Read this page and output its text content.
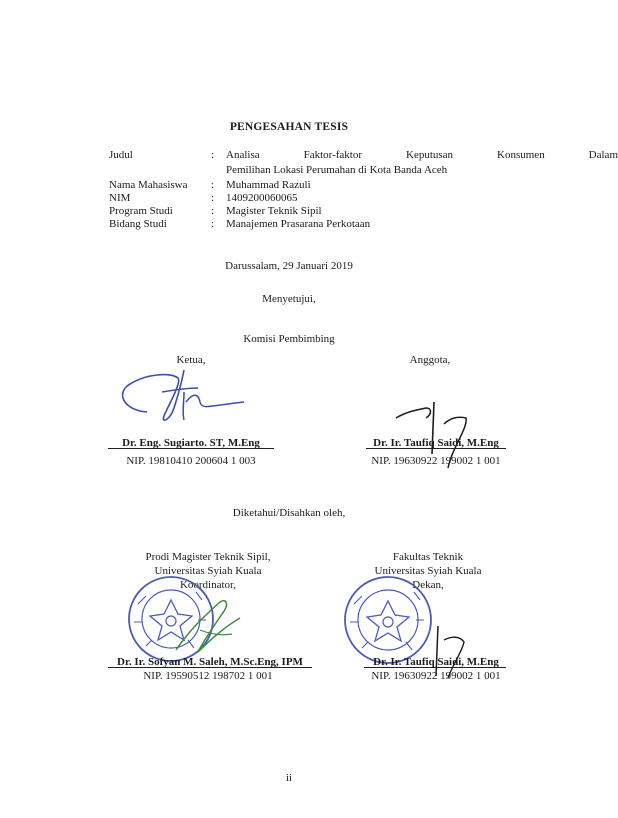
PENGESAHAN TESIS
Judul	: Analisa Faktor-faktor Keputusan Konsumen Dalam
Pemilihan Lokasi Perumahan di Kota Banda Aceh
Nama Mahasiswa	: Muhammad Razuli
NIM	: 1409200060065
Program Studi	: Magister Teknik Sipil
Bidang Studi	: Manajemen Prasarana Perkotaan
Darussalam, 29 Januari 2019
Menyetujui,
Komisi Pembimbing
Ketua,
Dr. Eng. Sugiarto. ST, M.Eng
NIP. 19810410 200604 1 003
Anggota,
Dr. Ir. Taufiq Saidi, M.Eng
NIP. 19630922 199002 1 001
Diketahui/Disahkan oleh,
Prodi Magister Teknik Sipil,
Universitas Syiah Kuala
Koordinator,
Dr. Ir. Sofyan M. Saleh, M.Sc.Eng, IPM
NIP. 19590512 198702 1 001
Fakultas Teknik
Universitas Syiah Kuala
Dekan,
Dr. Ir. Taufiq Saidi, M.Eng
NIP. 19630922 199002 1 001
ii
